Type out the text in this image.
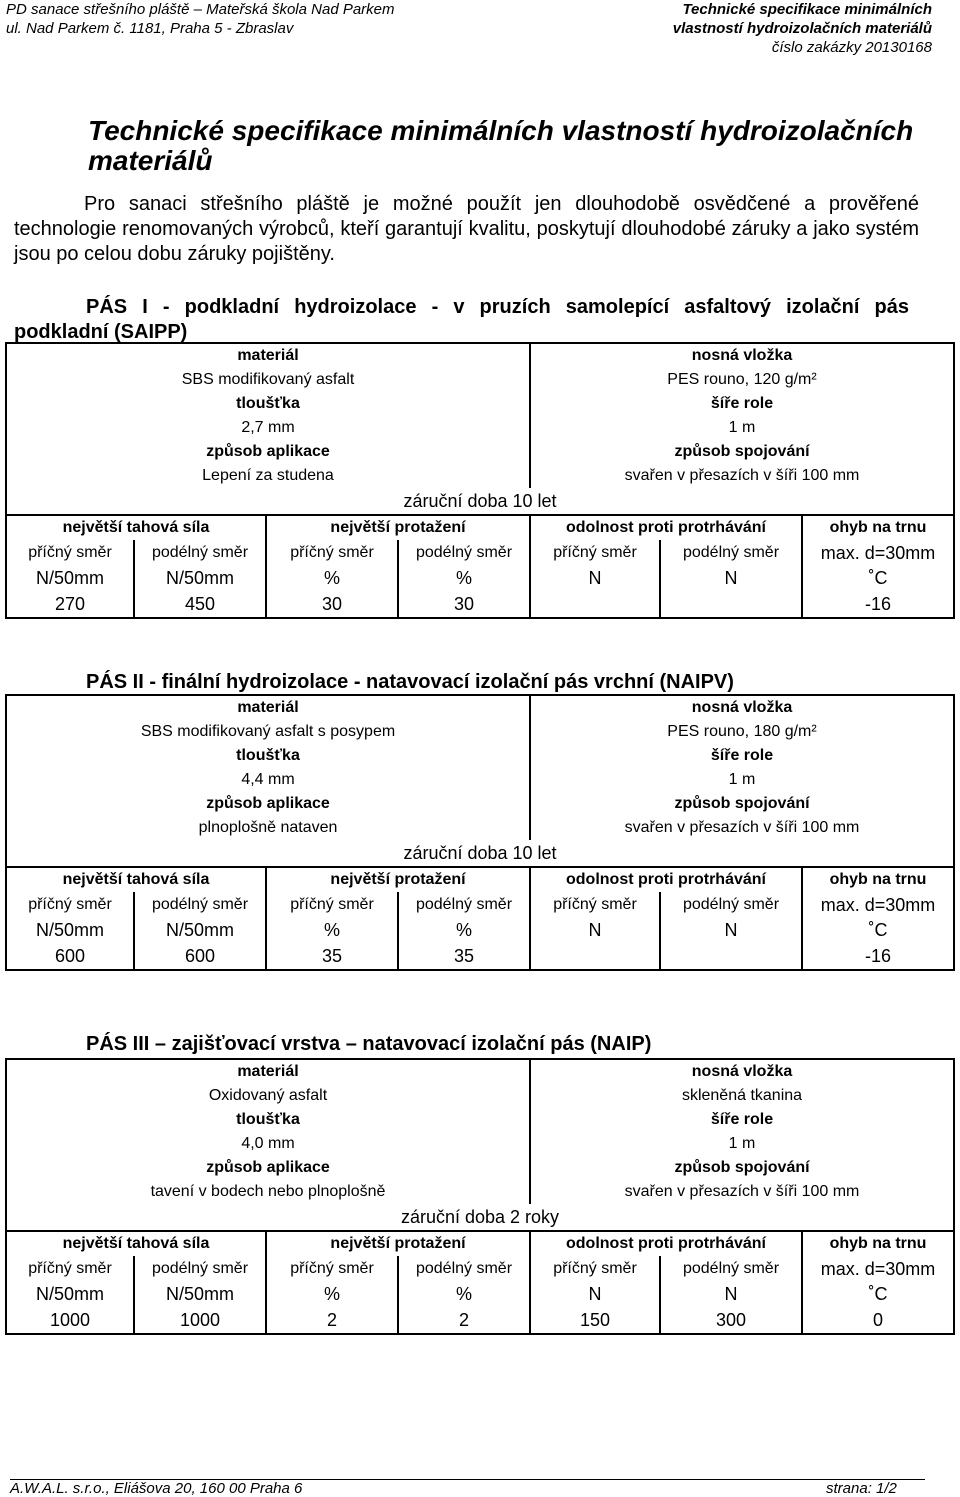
PD sanace střešního pláště – Mateřská škola Nad Parkem
ul. Nad Parkem č. 1181, Praha 5 - Zbraslav
Technické specifikace minimálních
vlastností hydroizolačních materiálů
číslo zakázky 20130168
Technické specifikace minimálních vlastností hydroizolačních materiálů
Pro sanaci střešního pláště je možné použít jen dlouhodobě osvědčené a prověřené technologie renomovaných výrobců, kteří garantují kvalitu, poskytují dlouhodobé záruky a jako systém jsou po celou dobu záruky pojištěny.
PÁS I - podkladní hydroizolace - v pruzích samolepící asfaltový izolační pás
podkladní (SAIPP)
materiál				nosná vložka		
SBS modifikovaný asfalt				PES rouno, 120 g/m²		
tloušťka				šíře role		
2,7 mm				1 m		
způsob aplikace				způsob spojování		
Lepení za studena				svařen v přesazích v šíři 100 mm		
záruční doba 10 let						
největší tahová síla		největší protažení		odolnost proti protrhávání		ohyb na trnu
příčný směr	podélný směr	příčný směr	podélný směr	příčný směr	podélný směr	max. d=30mm
N/50mm	N/50mm	%	%	N	N	˚C
270	450	30	30			-16
PÁS II - finální hydroizolace - natavovací izolační pás vrchní (NAIPV)
materiál				nosná vložka		
SBS modifikovaný asfalt s posypem				PES rouno, 180 g/m²		
tloušťka				šíře role		
4,4 mm				1 m		
způsob aplikace				způsob spojování		
plnoplošně nataven				svařen v přesazích v šíři 100 mm		
záruční doba 10 let						
největší tahová síla		největší protažení		odolnost proti protrhávání		ohyb na trnu
příčný směr	podélný směr	příčný směr	podélný směr	příčný směr	podélný směr	max. d=30mm
N/50mm	N/50mm	%	%	N	N	˚C
600	600	35	35			-16
PÁS III – zajišťovací vrstva – natavovací izolační pás (NAIP)
materiál				nosná vložka		
Oxidovaný asfalt				skleněná tkanina		
tloušťka				šíře role		
4,0 mm				1 m		
způsob aplikace				způsob spojování		
tavení v bodech nebo plnoplošně				svařen v přesazích v šíři 100 mm		
záruční doba 2 roky						
největší tahová síla		největší protažení		odolnost proti protrhávání		ohyb na trnu
příčný směr	podélný směr	příčný směr	podélný směr	příčný směr	podélný směr	max. d=30mm
N/50mm	N/50mm	%	%	N	N	˚C
1000	1000	2	2	150	300	0
A.W.A.L. s.r.o., Eliášova 20, 160 00 Praha 6	strana: 1/2
